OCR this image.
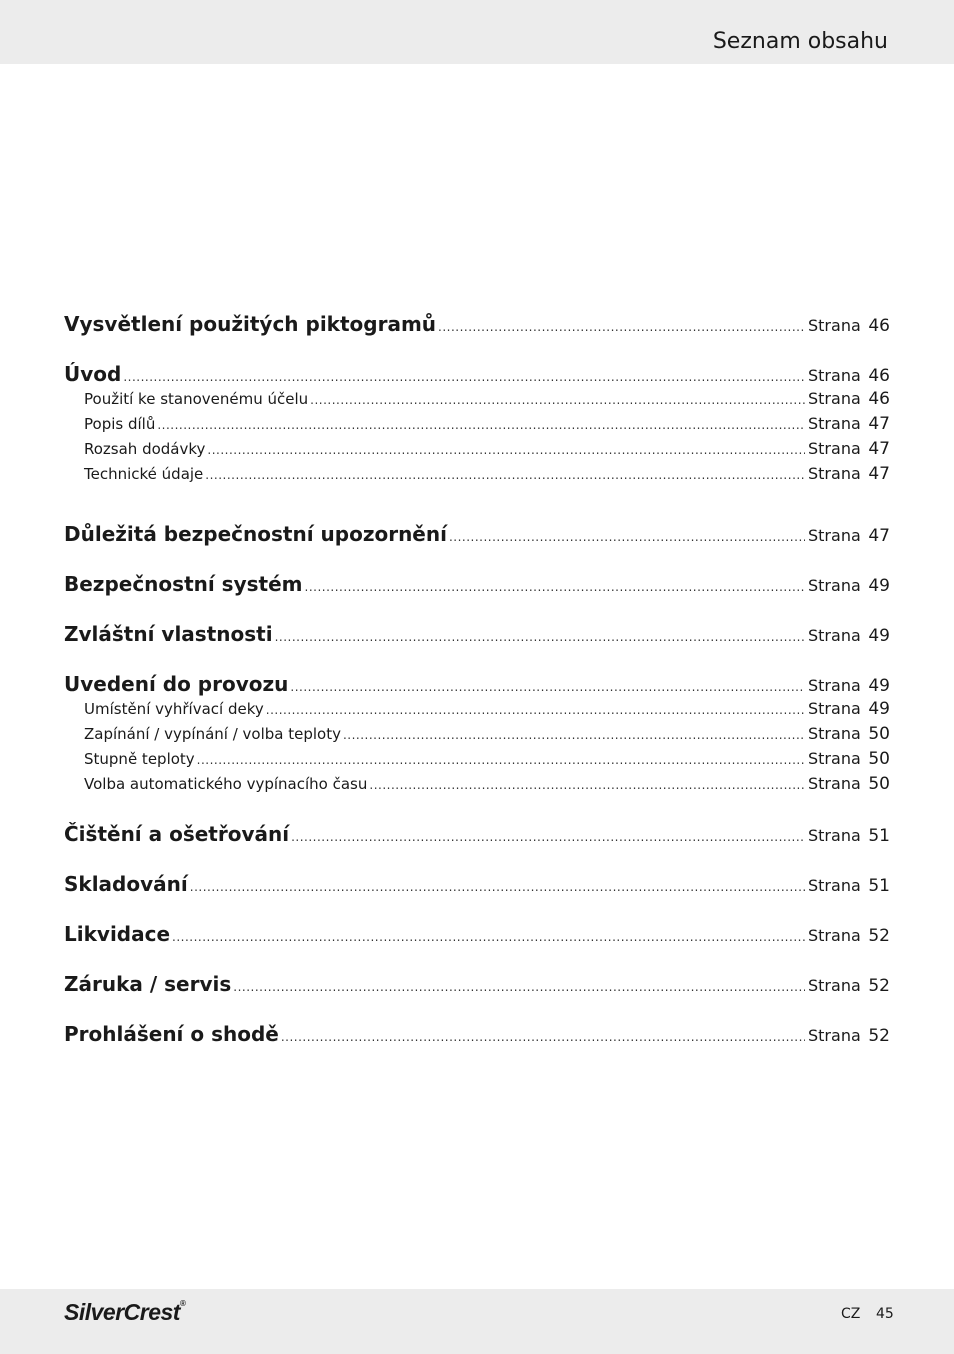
Seznam obsahu
Vysvětlení použitých piktogramů .....	Strana 46
Úvod .....	Strana 46
Použití ke stanovenému účelu .....	Strana 46
Popis dílů .....	Strana 47
Rozsah dodávky .....	Strana 47
Technické údaje .....	Strana 47
Důležitá bezpečnostní upozornění .....	Strana 47
Bezpečnostní systém .....	Strana 49
Zvláštní vlastnosti .....	Strana 49
Uvedení do provozu .....	Strana 49
Umístění vyhřívací deky .....	Strana 49
Zapínání / vypínání / volba teploty .....	Strana 50
Stupně teploty .....	Strana 50
Volba automatického vypínacího času .....	Strana 50
Čištění a ošetřování .....	Strana 51
Skladování .....	Strana 51
Likvidace .....	Strana 52
Záruka / servis .....	Strana 52
Prohlášení o shodě .....	Strana 52
SilverCrest®
CZ 45
